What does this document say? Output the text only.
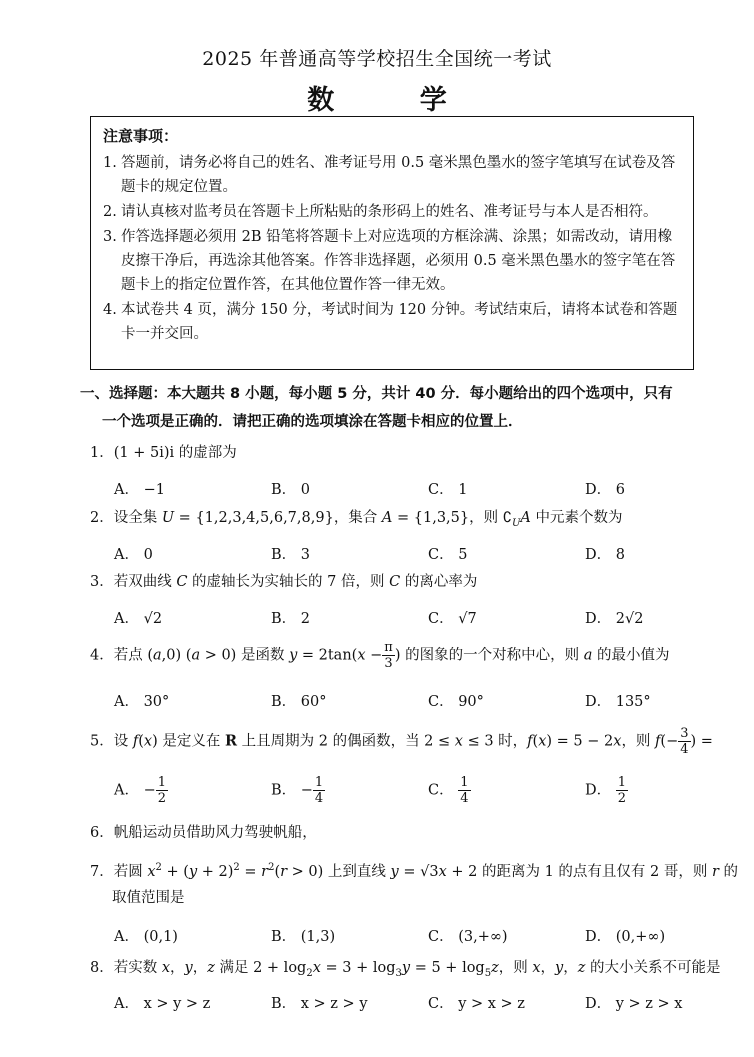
2025 年普通高等学校招生全国统一考试
数 学
注意事项：
1. 答题前，请务必将自己的姓名、准考证号用 0.5 毫米黑色墨水的签字笔填写在试卷及答题卡的规定位置。
2. 请认真核对监考员在答题卡上所粘贴的条形码上的姓名、准考证号与本人是否相符。
3. 作答选择题必须用 2B 铅笔将答题卡上对应选项的方框涂满、涂黑；如需改动，请用橡皮擦干净后，再选涂其他答案。作答非选择题，必须用 0.5 毫米黑色墨水的签字笔在答题卡上的指定位置作答，在其他位置作答一律无效。
4. 本试卷共 4 页，满分 150 分，考试时间为 120 分钟。考试结束后，请将本试卷和答题卡一并交回。
一、选择题：本大题共 8 小题，每小题 5 分，共计 40 分．每小题给出的四个选项中，只有
一个选项是正确的．请把正确的选项填涂在答题卡相应的位置上．
1．(1 + 5i)i 的虚部为
A． −1	B． 0	C． 1	D． 6
2．设全集 U = {1,2,3,4,5,6,7,8,9}，集合 A = {1,3,5}，则 $∁_UA$ 中元素个数为
A． 0	B． 3	C． 5	D． 8
3．若双曲线 C 的虚轴长为实轴长的 7 倍，则 C 的离心率为
A． √2	B． 2	C． √7	D． 2√2
4．若点 (a,0) (a > 0) 是函数 $y = 2\tan(x - \frac{\pi}{3}$ ) 的图象的一个对称中心，则 a 的最小值为
A． 30°	B． 60°	C． 90°	D． 135°
5．设 f(x) 是定义在 R 上且周期为 2 的偶函数，当 2 ≤ x ≤ 3 时，f(x) = 5 − 2x，则 $f(- \frac{3}{4}$ ) =
A． − $\frac{1}{2}$	B． − $\frac{1}{4}$	C． $\frac{1}{4}$	D． $\frac{1}{2}$
6．帆船运动员借助风力驾驶帆船，
7．若圆 $x^2 + (y + 2)^2 = r^2(r > 0)$ 上到直线 y = √3x + 2 的距离为 1 的点有且仅有 2 哥，则 r 的
取值范围是
A． (0,1)	B． (1,3)	C． (3,+∞)	D． (0,+∞)
8．若实数 x，y，z 满足 $2 + \log_2x = 3 + \log_3y = 5 + \log_5z$，则 x，y，z 的大小关系不可能是
A． x > y > z	B． x > z > y	C． y > x > z	D． y > z > x
